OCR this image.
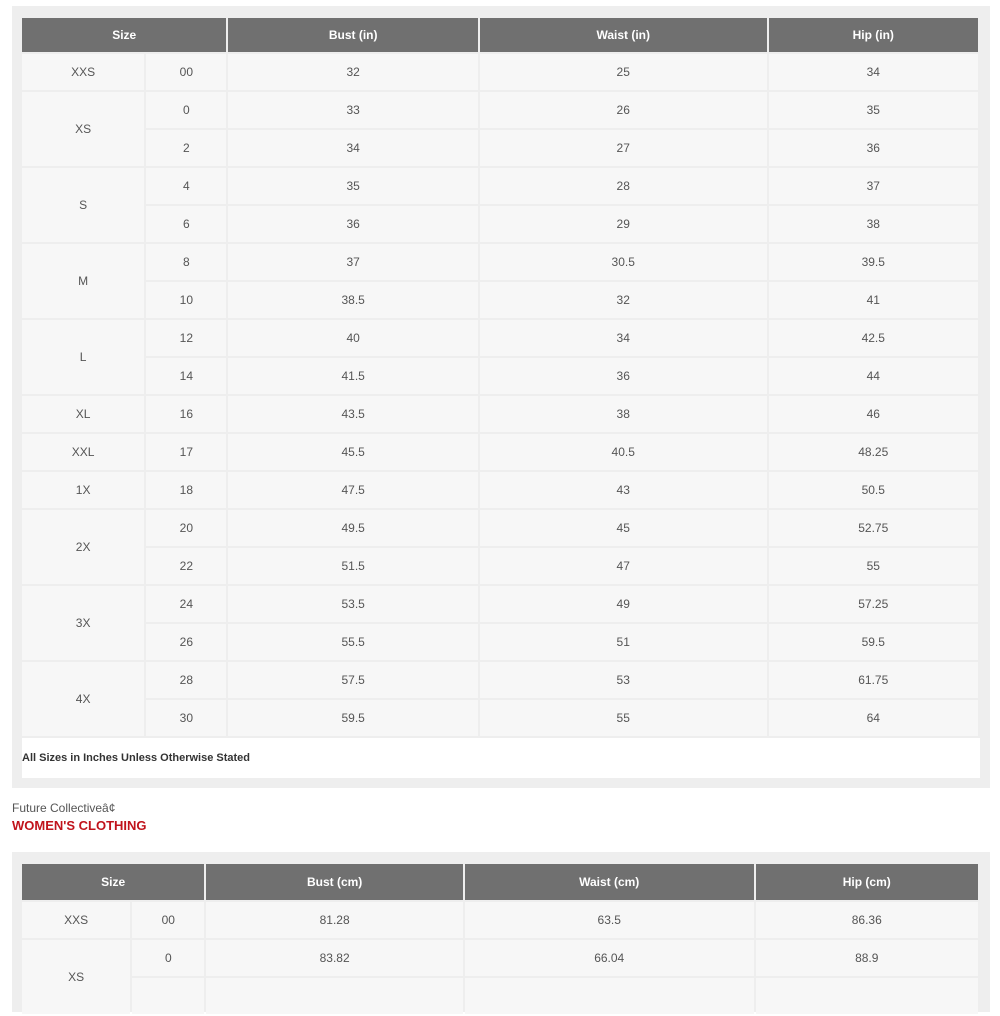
Size		Bust (in)	Waist (in)	Hip (in)
XXS	00	32	25	34
XS	0	33	26	35
	2	34	27	36
S	4	35	28	37
	6	36	29	38
M	8	37	30.5	39.5
	10	38.5	32	41
L	12	40	34	42.5
	14	41.5	36	44
XL	16	43.5	38	46
XXL	17	45.5	40.5	48.25
1X	18	47.5	43	50.5
2X	20	49.5	45	52.75
	22	51.5	47	55
3X	24	53.5	49	57.25
	26	55.5	51	59.5
4X	28	57.5	53	61.75
	30	59.5	55	64
All Sizes in Inches Unless Otherwise Stated
Future Collectiveâ¢
WOMEN'S CLOTHING
Size		Bust (cm)	Waist (cm)	Hip (cm)
XXS	00	81.28	63.5	86.36
XS	0	83.82	66.04	88.9
